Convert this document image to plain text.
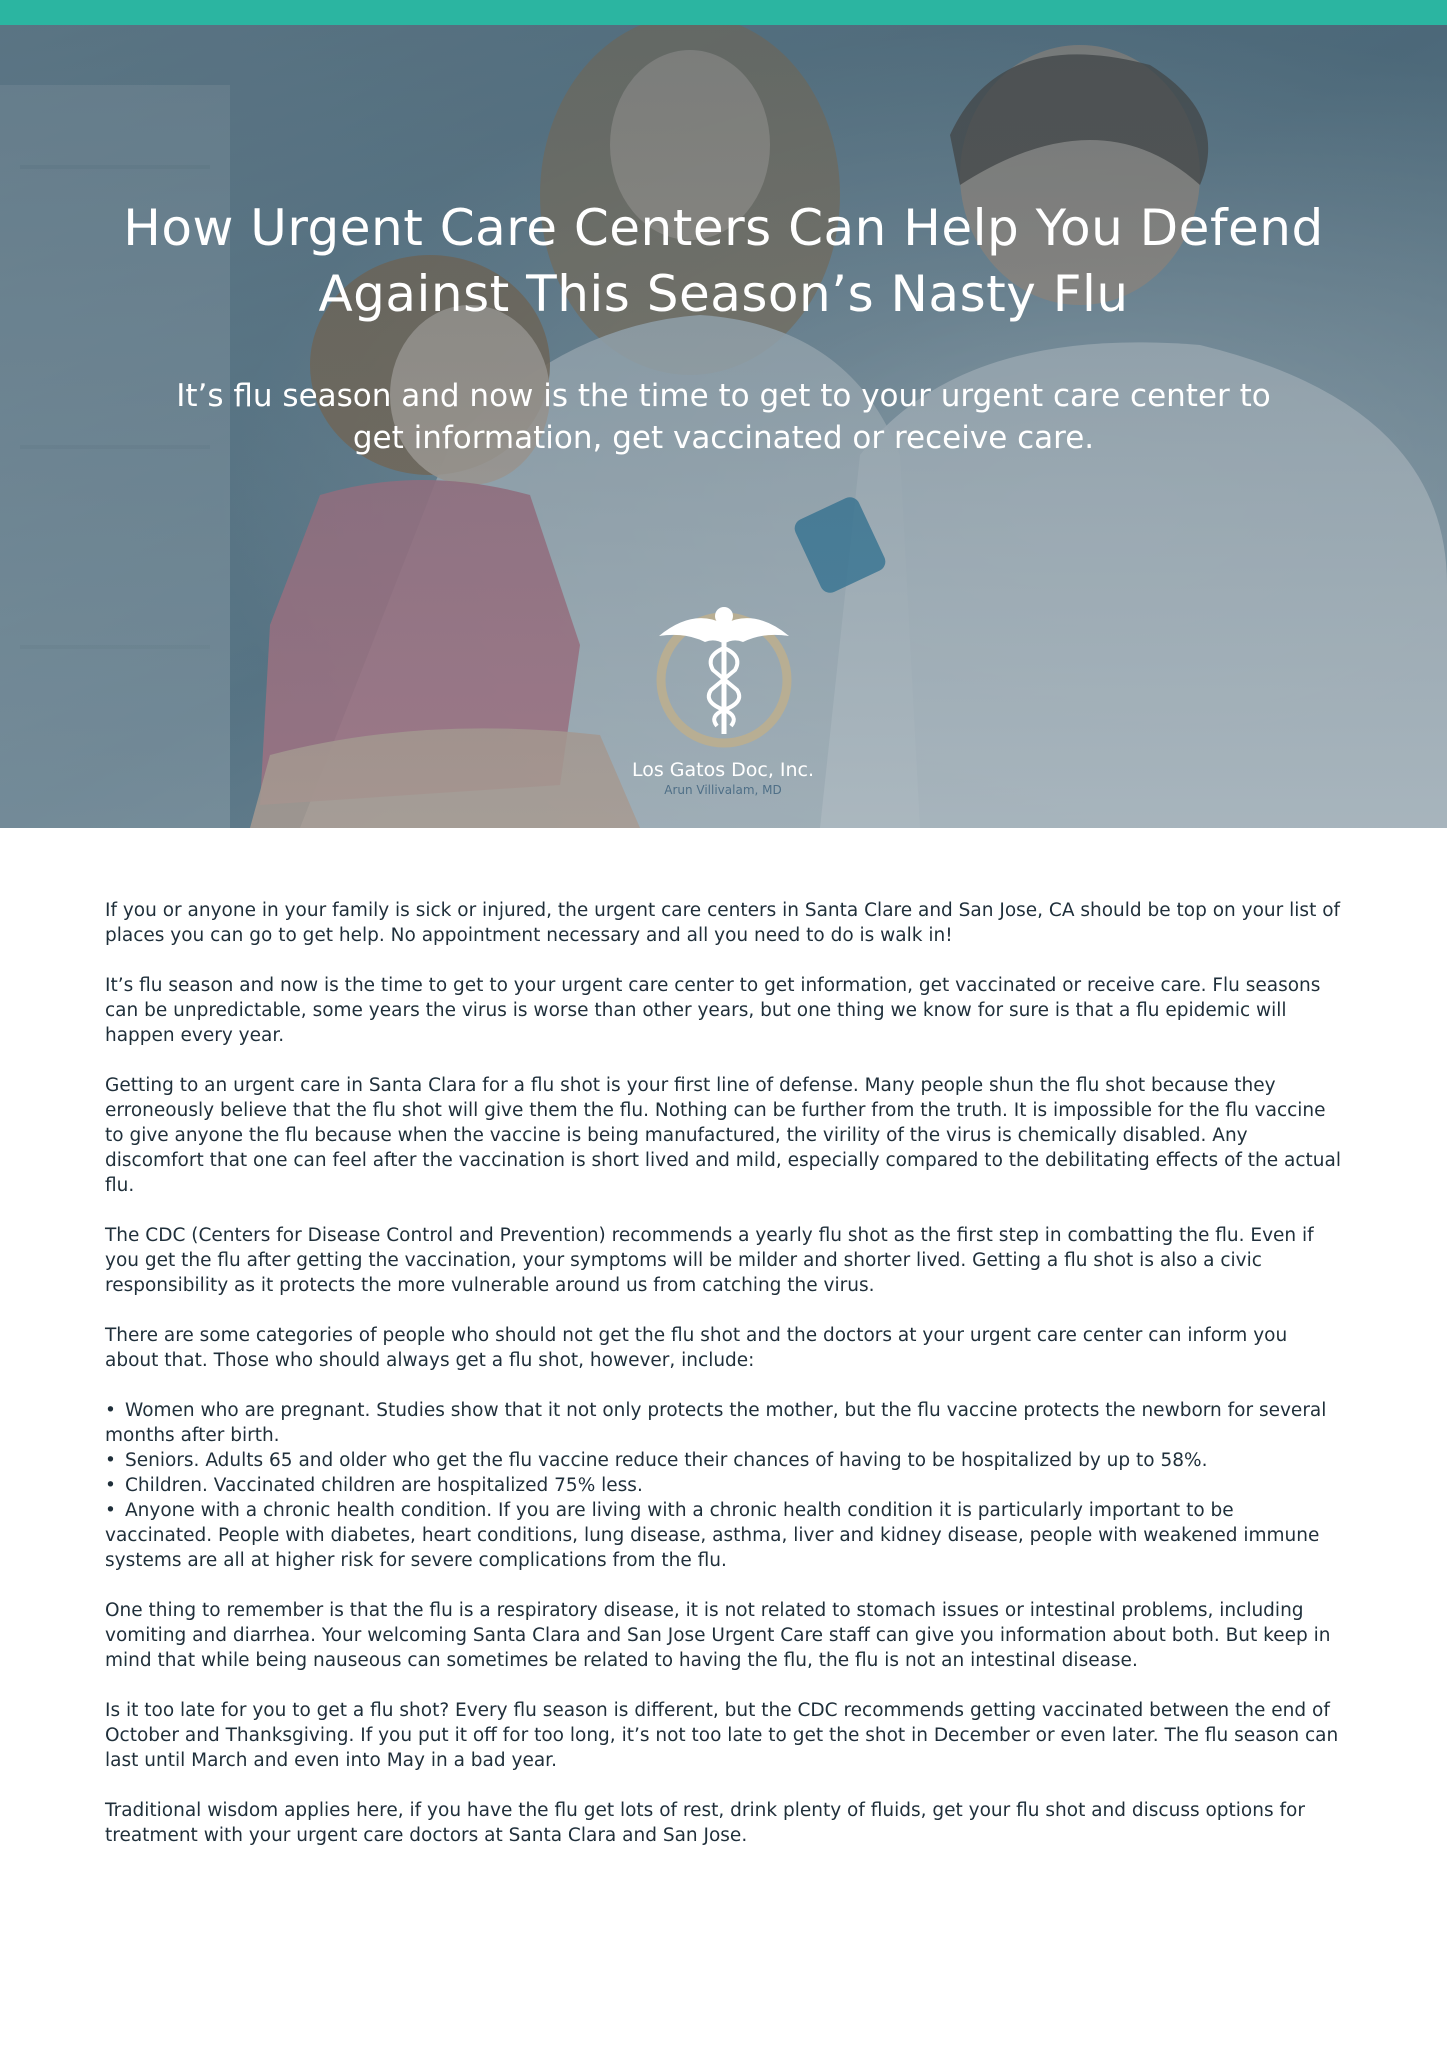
How Urgent Care Centers Can Help You Defend Against This Season’s Nasty Flu

It’s flu season and now is the time to get to your urgent care center to get information, get vaccinated or receive care.

Los Gatos Doc, Inc.
Arun Villivalam, MD

If you or anyone in your family is sick or injured, the urgent care centers in Santa Clare and San Jose, CA should be top on your list of places you can go to get help. No appointment necessary and all you need to do is walk in!

It’s flu season and now is the time to get to your urgent care center to get information, get vaccinated or receive care. Flu seasons can be unpredictable, some years the virus is worse than other years, but one thing we know for sure is that a flu epidemic will happen every year.

Getting to an urgent care in Santa Clara for a flu shot is your first line of defense. Many people shun the flu shot because they erroneously believe that the flu shot will give them the flu. Nothing can be further from the truth. It is impossible for the flu vaccine to give anyone the flu because when the vaccine is being manufactured, the virility of the virus is chemically disabled. Any discomfort that one can feel after the vaccination is short lived and mild, especially compared to the debilitating effects of the actual flu.

The CDC (Centers for Disease Control and Prevention) recommends a yearly flu shot as the first step in combatting the flu. Even if you get the flu after getting the vaccination, your symptoms will be milder and shorter lived. Getting a flu shot is also a civic responsibility as it protects the more vulnerable around us from catching the virus.

There are some categories of people who should not get the flu shot and the doctors at your urgent care center can inform you about that. Those who should always get a flu shot, however, include:

• Women who are pregnant. Studies show that it not only protects the mother, but the flu vaccine protects the newborn for several months after birth.
• Seniors. Adults 65 and older who get the flu vaccine reduce their chances of having to be hospitalized by up to 58%.
• Children. Vaccinated children are hospitalized 75% less.
• Anyone with a chronic health condition. If you are living with a chronic health condition it is particularly important to be vaccinated. People with diabetes, heart conditions, lung disease, asthma, liver and kidney disease, people with weakened immune systems are all at higher risk for severe complications from the flu.

One thing to remember is that the flu is a respiratory disease, it is not related to stomach issues or intestinal problems, including vomiting and diarrhea. Your welcoming Santa Clara and San Jose Urgent Care staff can give you information about both. But keep in mind that while being nauseous can sometimes be related to having the flu, the flu is not an intestinal disease.

Is it too late for you to get a flu shot? Every flu season is different, but the CDC recommends getting vaccinated between the end of October and Thanksgiving. If you put it off for too long, it’s not too late to get the shot in December or even later. The flu season can last until March and even into May in a bad year.

Traditional wisdom applies here, if you have the flu get lots of rest, drink plenty of fluids, get your flu shot and discuss options for treatment with your urgent care doctors at Santa Clara and San Jose.
